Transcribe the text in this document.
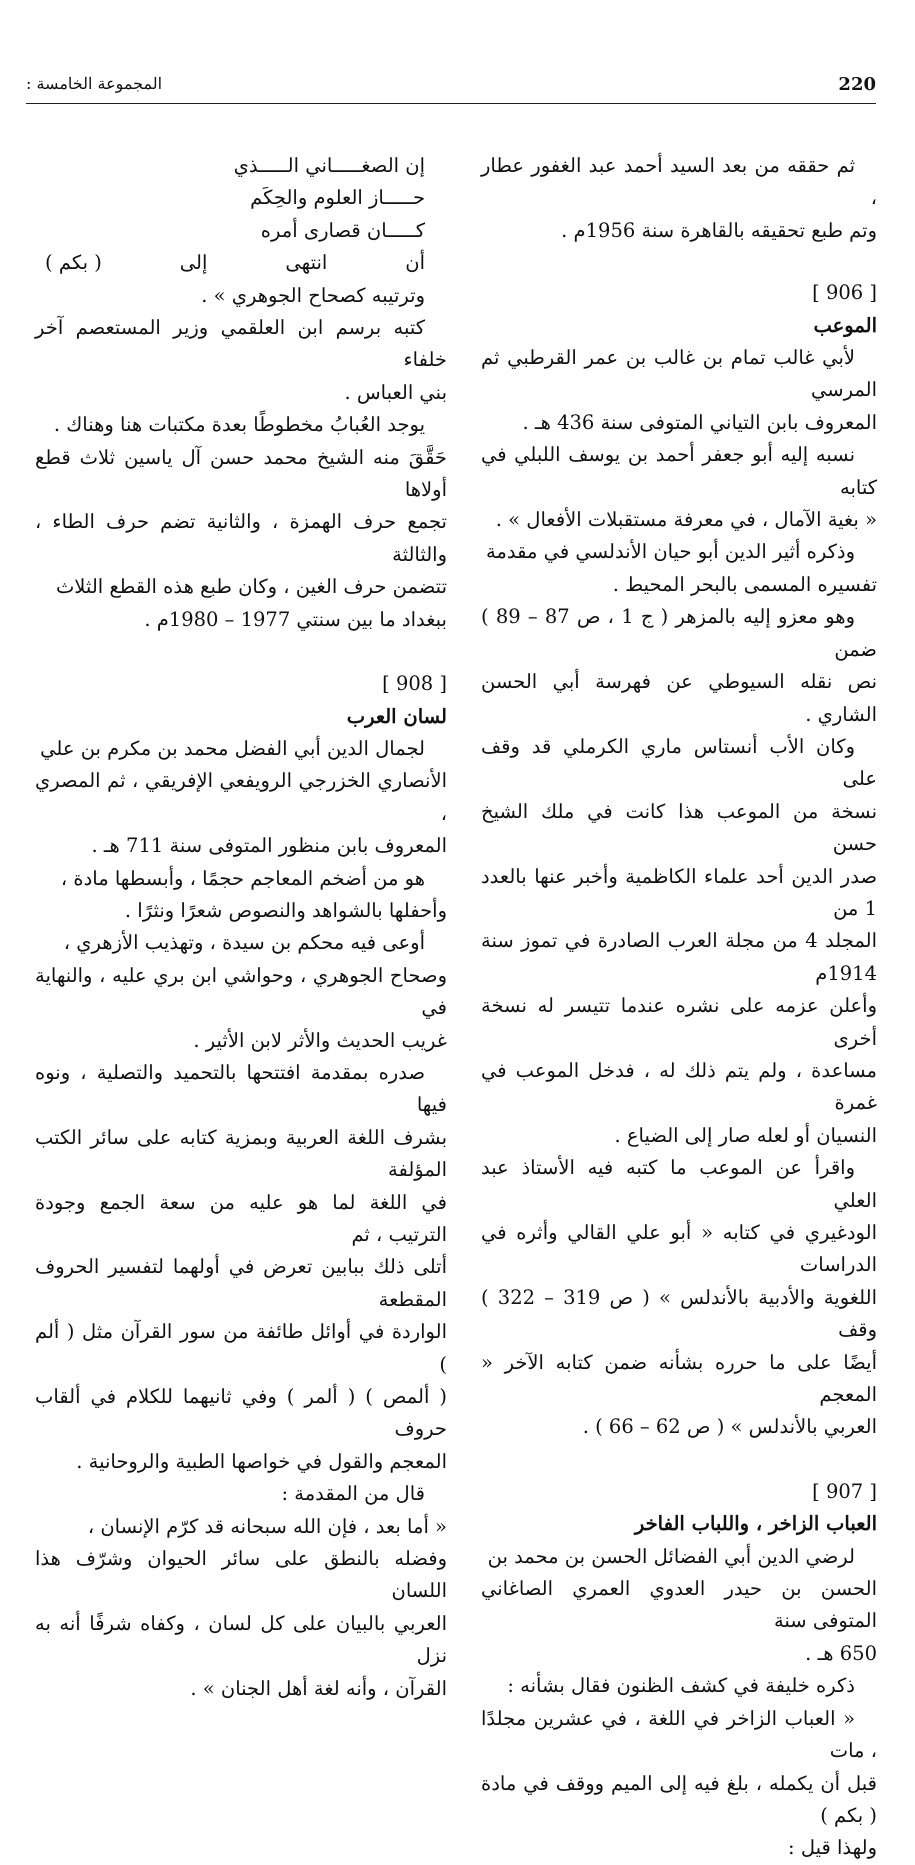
220
المجموعة الخامسة :

ثم حققه من بعد السيد أحمد عبد الغفور عطار ،

وتم طبع تحقيقه بالقاهرة سنة 1956م .

[ 906 ]

الموعب

لأبي غالب تمام بن غالب بن عمر القرطبي ثم المرسي

المعروف بابن التياني المتوفى سنة 436 هـ .

نسبه إليه أبو جعفر أحمد بن يوسف اللبلي في كتابه

« بغية الآمال ، في معرفة مستقبلات الأفعال » .

وذكره أثير الدين أبو حيان الأندلسي في مقدمة

تفسيره المسمى بالبحر المحيط .

وهو معزو إليه بالمزهر ( ج 1 ، ص 87 – 89 ) ضمن

نص نقله السيوطي عن فهرسة أبي الحسن الشاري .

وكان الأب أنستاس ماري الكرملي قد وقف على

نسخة من الموعب هذا كانت في ملك الشيخ حسن

صدر الدين أحد علماء الكاظمية وأخبر عنها بالعدد 1 من

المجلد 4 من مجلة العرب الصادرة في تموز سنة 1914م

وأعلن عزمه على نشره عندما تتيسر له نسخة أخرى

مساعدة ، ولم يتم ذلك له ، فدخل الموعب في غمرة

النسيان أو لعله صار إلى الضياع .

واقرأ عن الموعب ما كتبه فيه الأستاذ عبد العلي

الودغيري في كتابه « أبو علي القالي وأثره في الدراسات

اللغوية والأدبية بالأندلس » ( ص 319 – 322 ) وقف

أيضًا على ما حرره بشأنه ضمن كتابه الآخر « المعجم

العربي بالأندلس » ( ص 62 – 66 ) .

[ 907 ]

العباب الزاخر ، واللباب الفاخر

لرضي الدين أبي الفضائل الحسن بن محمد بن

الحسن بن حيدر العدوي العمري الصاغاني المتوفى سنة

650 هـ .

ذكره خليفة في كشف الظنون فقال بشأنه :

« العباب الزاخر في اللغة ، في عشرين مجلدًا ، مات

قبل أن يكمله ، بلغ فيه إلى الميم ووقف في مادة ( بكم )

ولهذا قيل :

إن الصغـــــاني الـــــذي

حـــــاز العلوم والحِكَم

كـــــان قصارى أمره

أن
انتهى
إلى
( بكم )

وترتيبه كصحاح الجوهري » .

كتبه برسم ابن العلقمي وزير المستعصم آخر خلفاء

بني العباس .

يوجد العُبابُ مخطوطًا بعدة مكتبات هنا وهناك .

حَقَّقَ منه الشيخ محمد حسن آل ياسين ثلاث قطع أولاها

تجمع حرف الهمزة ، والثانية تضم حرف الطاء ، والثالثة

تتضمن حرف الغين ، وكان طبع هذه القطع الثلاث

ببغداد ما بين سنتي 1977 – 1980م .

[ 908 ]

لسان العرب

لجمال الدين أبي الفضل محمد بن مكرم بن علي

الأنصاري الخزرجي الرويفعي الإفريقي ، ثم المصري ،

المعروف بابن منظور المتوفى سنة 711 هـ .

هو من أضخم المعاجم حجمًا ، وأبسطها مادة ،

وأحفلها بالشواهد والنصوص شعرًا ونثرًا .

أوعى فيه محكم بن سيدة ، وتهذيب الأزهري ،

وصحاح الجوهري ، وحواشي ابن بري عليه ، والنهاية في

غريب الحديث والأثر لابن الأثير .

صدره بمقدمة افتتحها بالتحميد والتصلية ، ونوه فيها

بشرف اللغة العربية وبمزية كتابه على سائر الكتب المؤلفة

في اللغة لما هو عليه من سعة الجمع وجودة الترتيب ، ثم

أتلى ذلك ببابين تعرض في أولهما لتفسير الحروف المقطعة

الواردة في أوائل طائفة من سور القرآن مثل ( ألم )

( ألمص ) ( ألمر ) وفي ثانيهما للكلام في ألقاب حروف

المعجم والقول في خواصها الطبية والروحانية .

قال من المقدمة :

« أما بعد ، فإن الله سبحانه قد كرّم الإنسان ،

وفضله بالنطق على سائر الحيوان وشرّف هذا اللسان

العربي بالبيان على كل لسان ، وكفاه شرفًا أنه به نزل

القرآن ، وأنه لغة أهل الجنان » .
